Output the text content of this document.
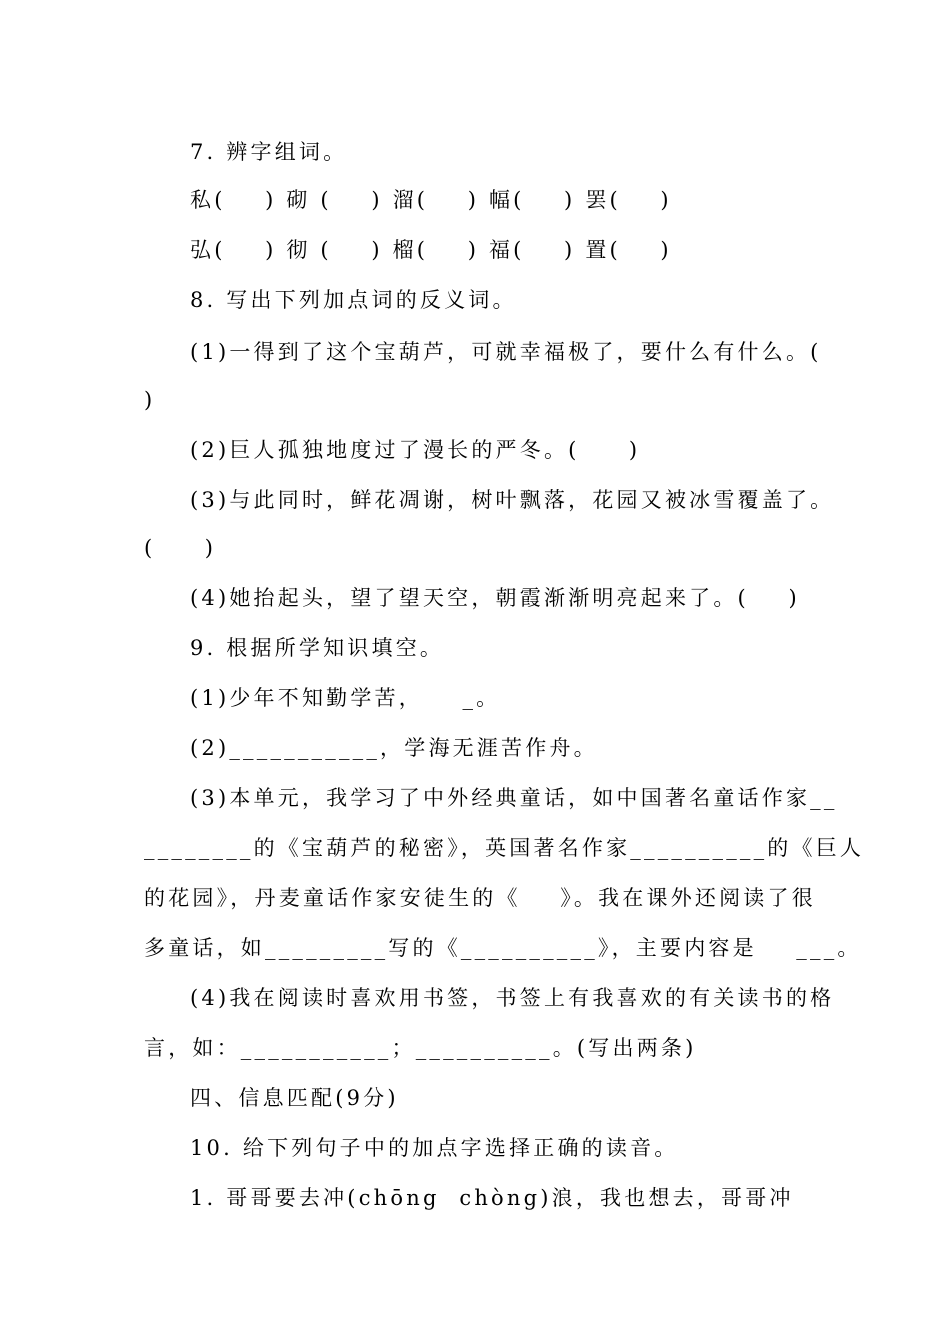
7. 辨字组词。
私(    ) 砌 (    ) 溜(    ) 幅(    ) 罢(    )
弘(    ) 彻 (    ) 榴(    ) 福(    ) 置(    )
8. 写出下列加点词的反义词。
(1)一得到了这个宝葫芦，可就幸福极了，要什么有什么。(
)
(2)巨人孤独地度过了漫长的严冬。(     )
(3)与此同时，鲜花凋谢，树叶飘落，花园又被冰雪覆盖了。
(     )
(4)她抬起头，望了望天空，朝霞渐渐明亮起来了。(    )
9. 根据所学知识填空。
(1)少年不知勤学苦，    _。
(2)___________，学海无涯苦作舟。
(3)本单元，我学习了中外经典童话，如中国著名童话作家__
________的《宝葫芦的秘密》，英国著名作家__________的《巨人
的花园》，丹麦童话作家安徒生的《    》。我在课外还阅读了很
多童话，如_________写的《__________》，主要内容是    ___。
(4)我在阅读时喜欢用书签，书签上有我喜欢的有关读书的格
言，如：___________；__________。(写出两条)
四、信息匹配(9分)
10. 给下列句子中的加点字选择正确的读音。
1. 哥哥要去冲(chōng  chòng)浪，我也想去，哥哥冲
